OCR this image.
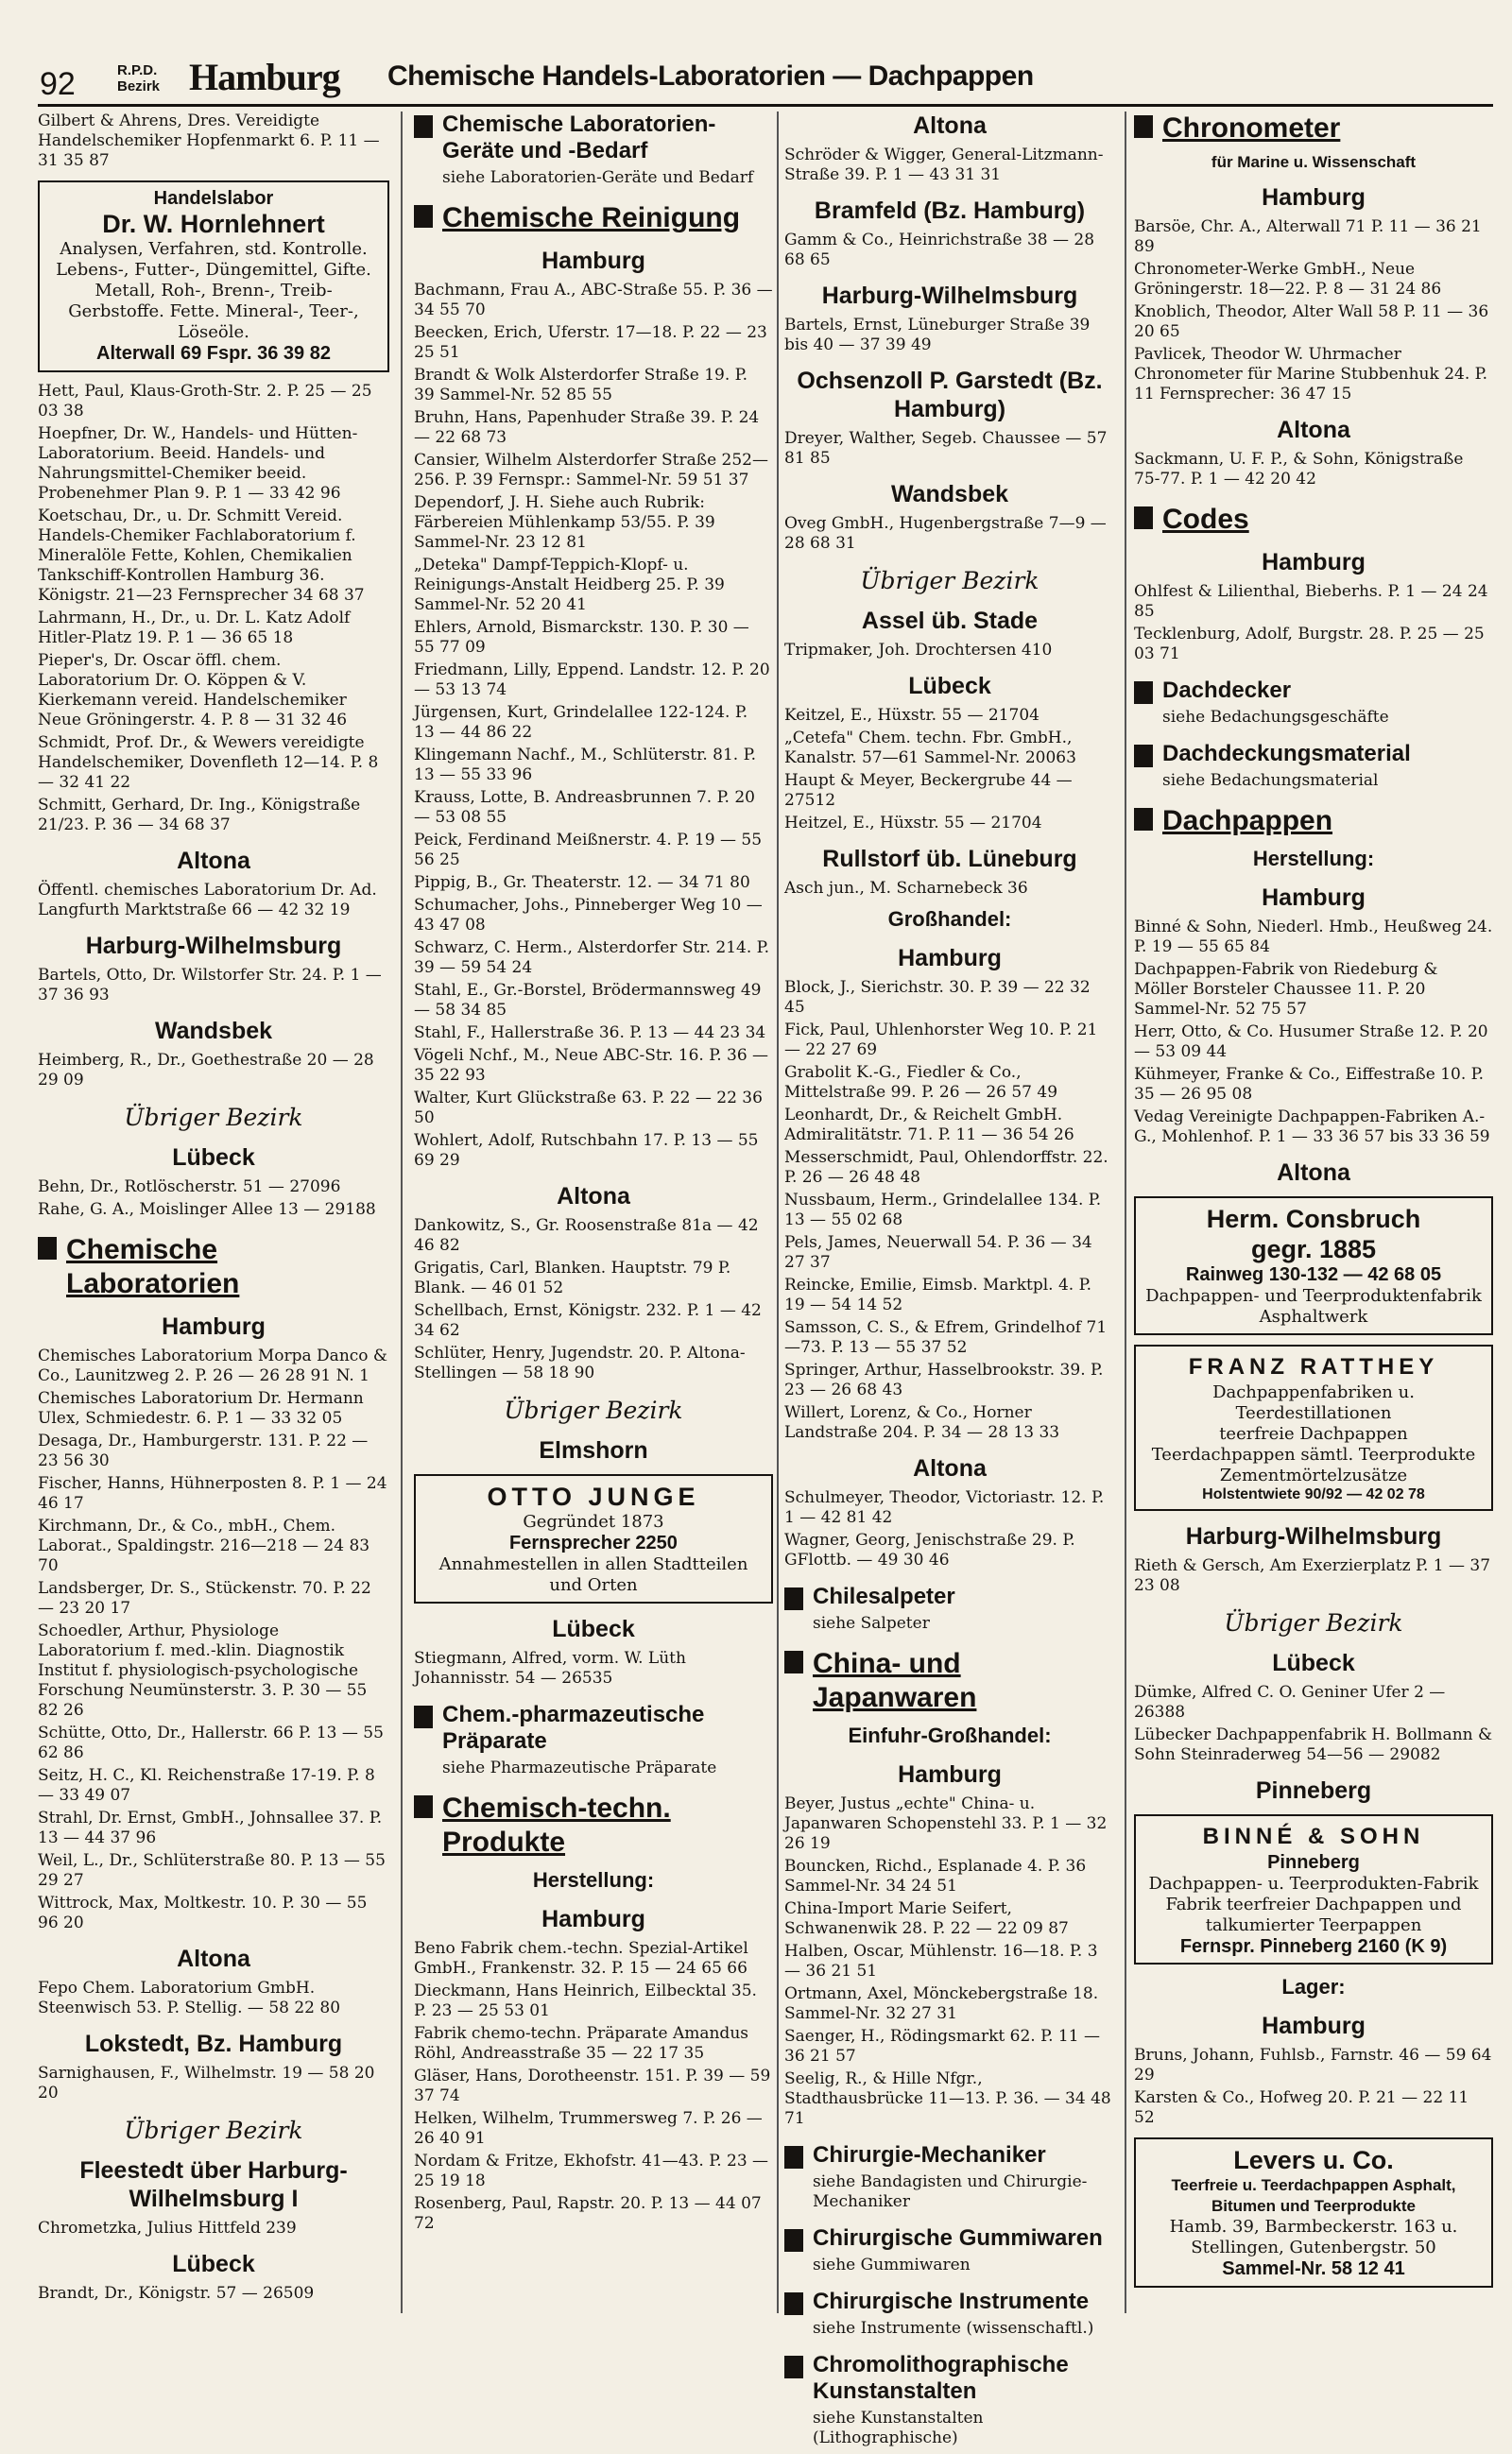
92	R.P.D.
Bezirk Hamburg Chemische Handels-Laboratorien — Dachpappen

Gilbert & Ahrens, Dres. Vereidigte Handelschemiker Hopfenmarkt 6. P. 11 — 31 35 87

Handelslabor
Dr. W. Hornlehnert
Analysen, Verfahren, std. Kontrolle. Lebens-, Futter-, Düngemittel, Gifte. Metall, Roh-, Brenn-, Treib- Gerbstoffe. Fette. Mineral-, Teer-, Löseöle.
Alterwall 69 Fspr. 36 39 82

Hett, Paul, Klaus-Groth-Str. 2. P. 25 — 25 03 38

Hoepfner, Dr. W., Handels- und Hütten-Laboratorium. Beeid. Handels- und Nahrungsmittel-Chemiker beeid. Probenehmer Plan 9. P. 1 — 33 42 96

Koetschau, Dr., u. Dr. Schmitt Vereid. Handels-Chemiker Fachlaboratorium f. Mineralöle Fette, Kohlen, Chemikalien Tankschiff-Kontrollen Hamburg 36. Königstr. 21—23 Fernsprecher 34 68 37

Lahrmann, H., Dr., u. Dr. L. Katz Adolf Hitler-Platz 19. P. 1 — 36 65 18

Pieper's, Dr. Oscar öffl. chem. Laboratorium Dr. O. Köppen & V. Kierkemann vereid. Handelschemiker Neue Gröningerstr. 4. P. 8 — 31 32 46

Schmidt, Prof. Dr., & Wewers vereidigte Handelschemiker, Dovenfleth 12—14. P. 8 — 32 41 22

Schmitt, Gerhard, Dr. Ing., Königstraße 21/23. P. 36 — 34 68 37

Altona

Öffentl. chemisches Laboratorium Dr. Ad. Langfurth Marktstraße 66 — 42 32 19

Harburg-Wilhelmsburg

Bartels, Otto, Dr. Wilstorfer Str. 24. P. 1 — 37 36 93

Wandsbek

Heimberg, R., Dr., Goethestraße 20 — 28 29 09

Übriger Bezirk
Lübeck

Behn, Dr., Rotlöscherstr. 51 — 27096

Rahe, G. A., Moislinger Allee 13 — 29188

Chemische Laboratorien
Hamburg

Chemisches Laboratorium Morpa Danco & Co., Launitzweg 2. P. 26 — 26 28 91 N. 1

Chemisches Laboratorium Dr. Hermann Ulex, Schmiedestr. 6. P. 1 — 33 32 05

Desaga, Dr., Hamburgerstr. 131. P. 22 — 23 56 30

Fischer, Hanns, Hühnerposten 8. P. 1 — 24 46 17

Kirchmann, Dr., & Co., mbH., Chem. Laborat., Spaldingstr. 216—218 — 24 83 70

Landsberger, Dr. S., Stückenstr. 70. P. 22 — 23 20 17

Schoedler, Arthur, Physiologe Laboratorium f. med.-klin. Diagnostik Institut f. physiologisch-psychologische Forschung Neumünsterstr. 3. P. 30 — 55 82 26

Schütte, Otto, Dr., Hallerstr. 66 P. 13 — 55 62 86

Seitz, H. C., Kl. Reichenstraße 17-19. P. 8 — 33 49 07

Strahl, Dr. Ernst, GmbH., Johnsallee 37. P. 13 — 44 37 96

Weil, L., Dr., Schlüterstraße 80. P. 13 — 55 29 27

Wittrock, Max, Moltkestr. 10. P. 30 — 55 96 20

Altona

Fepo Chem. Laboratorium GmbH. Steenwisch 53. P. Stellig. — 58 22 80

Lokstedt, Bz. Hamburg

Sarnighausen, F., Wilhelmstr. 19 — 58 20 20

Übriger Bezirk
Fleestedt über Harburg-Wilhelmsburg I

Chrometzka, Julius Hittfeld 239

Lübeck

Brandt, Dr., Königstr. 57 — 26509

Chemische Laboratorien-Geräte und -Bedarf

siehe Laboratorien-Geräte und Bedarf

Chemische Reinigung
Hamburg

Bachmann, Frau A., ABC-Straße 55. P. 36 — 34 55 70

Beecken, Erich, Uferstr. 17—18. P. 22 — 23 25 51

Brandt & Wolk Alsterdorfer Straße 19. P. 39 Sammel-Nr. 52 85 55

Bruhn, Hans, Papenhuder Straße 39. P. 24 — 22 68 73

Cansier, Wilhelm Alsterdorfer Straße 252—256. P. 39 Fernspr.: Sammel-Nr. 59 51 37

Dependorf, J. H. Siehe auch Rubrik: Färbereien Mühlenkamp 53/55. P. 39 Sammel-Nr. 23 12 81

„Deteka" Dampf-Teppich-Klopf- u. Reinigungs-Anstalt Heidberg 25. P. 39 Sammel-Nr. 52 20 41

Ehlers, Arnold, Bismarckstr. 130. P. 30 — 55 77 09

Friedmann, Lilly, Eppend. Landstr. 12. P. 20 — 53 13 74

Jürgensen, Kurt, Grindelallee 122-124. P. 13 — 44 86 22

Klingemann Nachf., M., Schlüterstr. 81. P. 13 — 55 33 96

Krauss, Lotte, B. Andreasbrunnen 7. P. 20 — 53 08 55

Peick, Ferdinand Meißnerstr. 4. P. 19 — 55 56 25

Pippig, B., Gr. Theaterstr. 12. — 34 71 80

Schumacher, Johs., Pinneberger Weg 10 — 43 47 08

Schwarz, C. Herm., Alsterdorfer Str. 214. P. 39 — 59 54 24

Stahl, E., Gr.-Borstel, Brödermannsweg 49 — 58 34 85

Stahl, F., Hallerstraße 36. P. 13 — 44 23 34

Vögeli Nchf., M., Neue ABC-Str. 16. P. 36 — 35 22 93

Walter, Kurt Glückstraße 63. P. 22 — 22 36 50

Wohlert, Adolf, Rutschbahn 17. P. 13 — 55 69 29

Altona

Dankowitz, S., Gr. Roosenstraße 81a — 42 46 82

Grigatis, Carl, Blanken. Hauptstr. 79 P. Blank. — 46 01 52

Schellbach, Ernst, Königstr. 232. P. 1 — 42 34 62

Schlüter, Henry, Jugendstr. 20. P. Altona-Stellingen — 58 18 90

Übriger Bezirk
Elmshorn
OTTO JUNGE
Gegründet 1873
Fernsprecher 2250
Annahmestellen in allen Stadtteilen und Orten
Lübeck

Stiegmann, Alfred, vorm. W. Lüth Johannisstr. 54 — 26535

Chem.-pharmazeutische Präparate

siehe Pharmazeutische Präparate

Chemisch-techn. Produkte
Herstellung:
Hamburg

Beno Fabrik chem.-techn. Spezial-Artikel GmbH., Frankenstr. 32. P. 15 — 24 65 66

Dieckmann, Hans Heinrich, Eilbecktal 35. P. 23 — 25 53 01

Fabrik chemo-techn. Präparate Amandus Röhl, Andreasstraße 35 — 22 17 35

Gläser, Hans, Dorotheenstr. 151. P. 39 — 59 37 74

Helken, Wilhelm, Trummersweg 7. P. 26 — 26 40 91

Nordam & Fritze, Ekhofstr. 41—43. P. 23 — 25 19 18

Rosenberg, Paul, Rapstr. 20. P. 13 — 44 07 72

Altona

Schröder & Wigger, General-Litzmann-Straße 39. P. 1 — 43 31 31

Bramfeld (Bz. Hamburg)

Gamm & Co., Heinrichstraße 38 — 28 68 65

Harburg-Wilhelmsburg

Bartels, Ernst, Lüneburger Straße 39 bis 40 — 37 39 49

Ochsenzoll P. Garstedt (Bz. Hamburg)

Dreyer, Walther, Segeb. Chaussee — 57 81 85

Wandsbek

Oveg GmbH., Hugenbergstraße 7—9 — 28 68 31

Übriger Bezirk
Assel üb. Stade

Tripmaker, Joh. Drochtersen 410

Lübeck

Keitzel, E., Hüxstr. 55 — 21704

„Cetefa" Chem. techn. Fbr. GmbH., Kanalstr. 57—61 Sammel-Nr. 20063

Haupt & Meyer, Beckergrube 44 — 27512

Heitzel, E., Hüxstr. 55 — 21704

Rullstorf üb. Lüneburg

Asch jun., M. Scharnebeck 36

Großhandel:
Hamburg

Block, J., Sierichstr. 30. P. 39 — 22 32 45

Fick, Paul, Uhlenhorster Weg 10. P. 21 — 22 27 69

Grabolit K.-G., Fiedler & Co., Mittelstraße 99. P. 26 — 26 57 49

Leonhardt, Dr., & Reichelt GmbH. Admiralitätstr. 71. P. 11 — 36 54 26

Messerschmidt, Paul, Ohlendorffstr. 22. P. 26 — 26 48 48

Nussbaum, Herm., Grindelallee 134. P. 13 — 55 02 68

Pels, James, Neuerwall 54. P. 36 — 34 27 37

Reincke, Emilie, Eimsb. Marktpl. 4. P. 19 — 54 14 52

Samsson, C. S., & Efrem, Grindelhof 71—73. P. 13 — 55 37 52

Springer, Arthur, Hasselbrookstr. 39. P. 23 — 26 68 43

Willert, Lorenz, & Co., Horner Landstraße 204. P. 34 — 28 13 33

Altona

Schulmeyer, Theodor, Victoriastr. 12. P. 1 — 42 81 42

Wagner, Georg, Jenischstraße 29. P. GFlottb. — 49 30 46

Chilesalpeter

siehe Salpeter

China- und Japanwaren
Einfuhr-Großhandel:
Hamburg

Beyer, Justus „echte" China- u. Japanwaren Schopenstehl 33. P. 1 — 32 26 19

Bouncken, Richd., Esplanade 4. P. 36 Sammel-Nr. 34 24 51

China-Import Marie Seifert, Schwanenwik 28. P. 22 — 22 09 87

Halben, Oscar, Mühlenstr. 16—18. P. 3 — 36 21 51

Ortmann, Axel, Mönckebergstraße 18. Sammel-Nr. 32 27 31

Saenger, H., Rödingsmarkt 62. P. 11 — 36 21 57

Seelig, R., & Hille Nfgr., Stadthausbrücke 11—13. P. 36. — 34 48 71

Chirurgie-Mechaniker

siehe Bandagisten und Chirurgie-Mechaniker

Chirurgische Gummiwaren

siehe Gummiwaren

Chirurgische Instrumente

siehe Instrumente (wissenschaftl.)

Chromolithographische Kunstanstalten

siehe Kunstanstalten (Lithographische)

Chronometer
für Marine u. Wissenschaft
Hamburg

Barsöe, Chr. A., Alterwall 71 P. 11 — 36 21 89

Chronometer-Werke GmbH., Neue Gröningerstr. 18—22. P. 8 — 31 24 86

Knoblich, Theodor, Alter Wall 58 P. 11 — 36 20 65

Pavlicek, Theodor W. Uhrmacher Chronometer für Marine Stubbenhuk 24. P. 11 Fernsprecher: 36 47 15

Altona

Sackmann, U. F. P., & Sohn, Königstraße 75-77. P. 1 — 42 20 42

Codes
Hamburg

Ohlfest & Lilienthal, Bieberhs. P. 1 — 24 24 85

Tecklenburg, Adolf, Burgstr. 28. P. 25 — 25 03 71

Dachdecker

siehe Bedachungsgeschäfte

Dachdeckungsmaterial

siehe Bedachungsmaterial

Dachpappen
Herstellung:
Hamburg

Binné & Sohn, Niederl. Hmb., Heußweg 24. P. 19 — 55 65 84

Dachpappen-Fabrik von Riedeburg & Möller Borsteler Chaussee 11. P. 20 Sammel-Nr. 52 75 57

Herr, Otto, & Co. Husumer Straße 12. P. 20 — 53 09 44

Kühmeyer, Franke & Co., Eiffestraße 10. P. 35 — 26 95 08

Vedag Vereinigte Dachpappen-Fabriken A.-G., Mohlenhof. P. 1 — 33 36 57 bis 33 36 59

Altona
Herm. Consbruch
gegr. 1885
Rainweg 130-132 — 42 68 05
Dachpappen- und Teerproduktenfabrik Asphaltwerk
FRANZ RATTHEY
Dachpappenfabriken u. Teerdestillationen
teerfreie Dachpappen Teerdachpappen sämtl. Teerprodukte Zementmörtelzusätze
Holstentwiete 90/92 — 42 02 78
Harburg-Wilhelmsburg

Rieth & Gersch, Am Exerzierplatz P. 1 — 37 23 08

Übriger Bezirk
Lübeck

Dümke, Alfred C. O. Geniner Ufer 2 — 26388

Lübecker Dachpappenfabrik H. Bollmann & Sohn Steinraderweg 54—56 — 29082

Pinneberg
BINNÉ & SOHN
Pinneberg
Dachpappen- u. Teerprodukten-Fabrik Fabrik teerfreier Dachpappen und talkumierter Teerpappen
Fernspr. Pinneberg 2160 (K 9)
Lager:
Hamburg

Bruns, Johann, Fuhlsb., Farnstr. 46 — 59 64 29

Karsten & Co., Hofweg 20. P. 21 — 22 11 52

Levers u. Co.
Teerfreie u. Teerdachpappen Asphalt, Bitumen und Teerprodukte
Hamb. 39, Barmbeckerstr. 163 u. Stellingen, Gutenbergstr. 50
Sammel-Nr. 58 12 41
